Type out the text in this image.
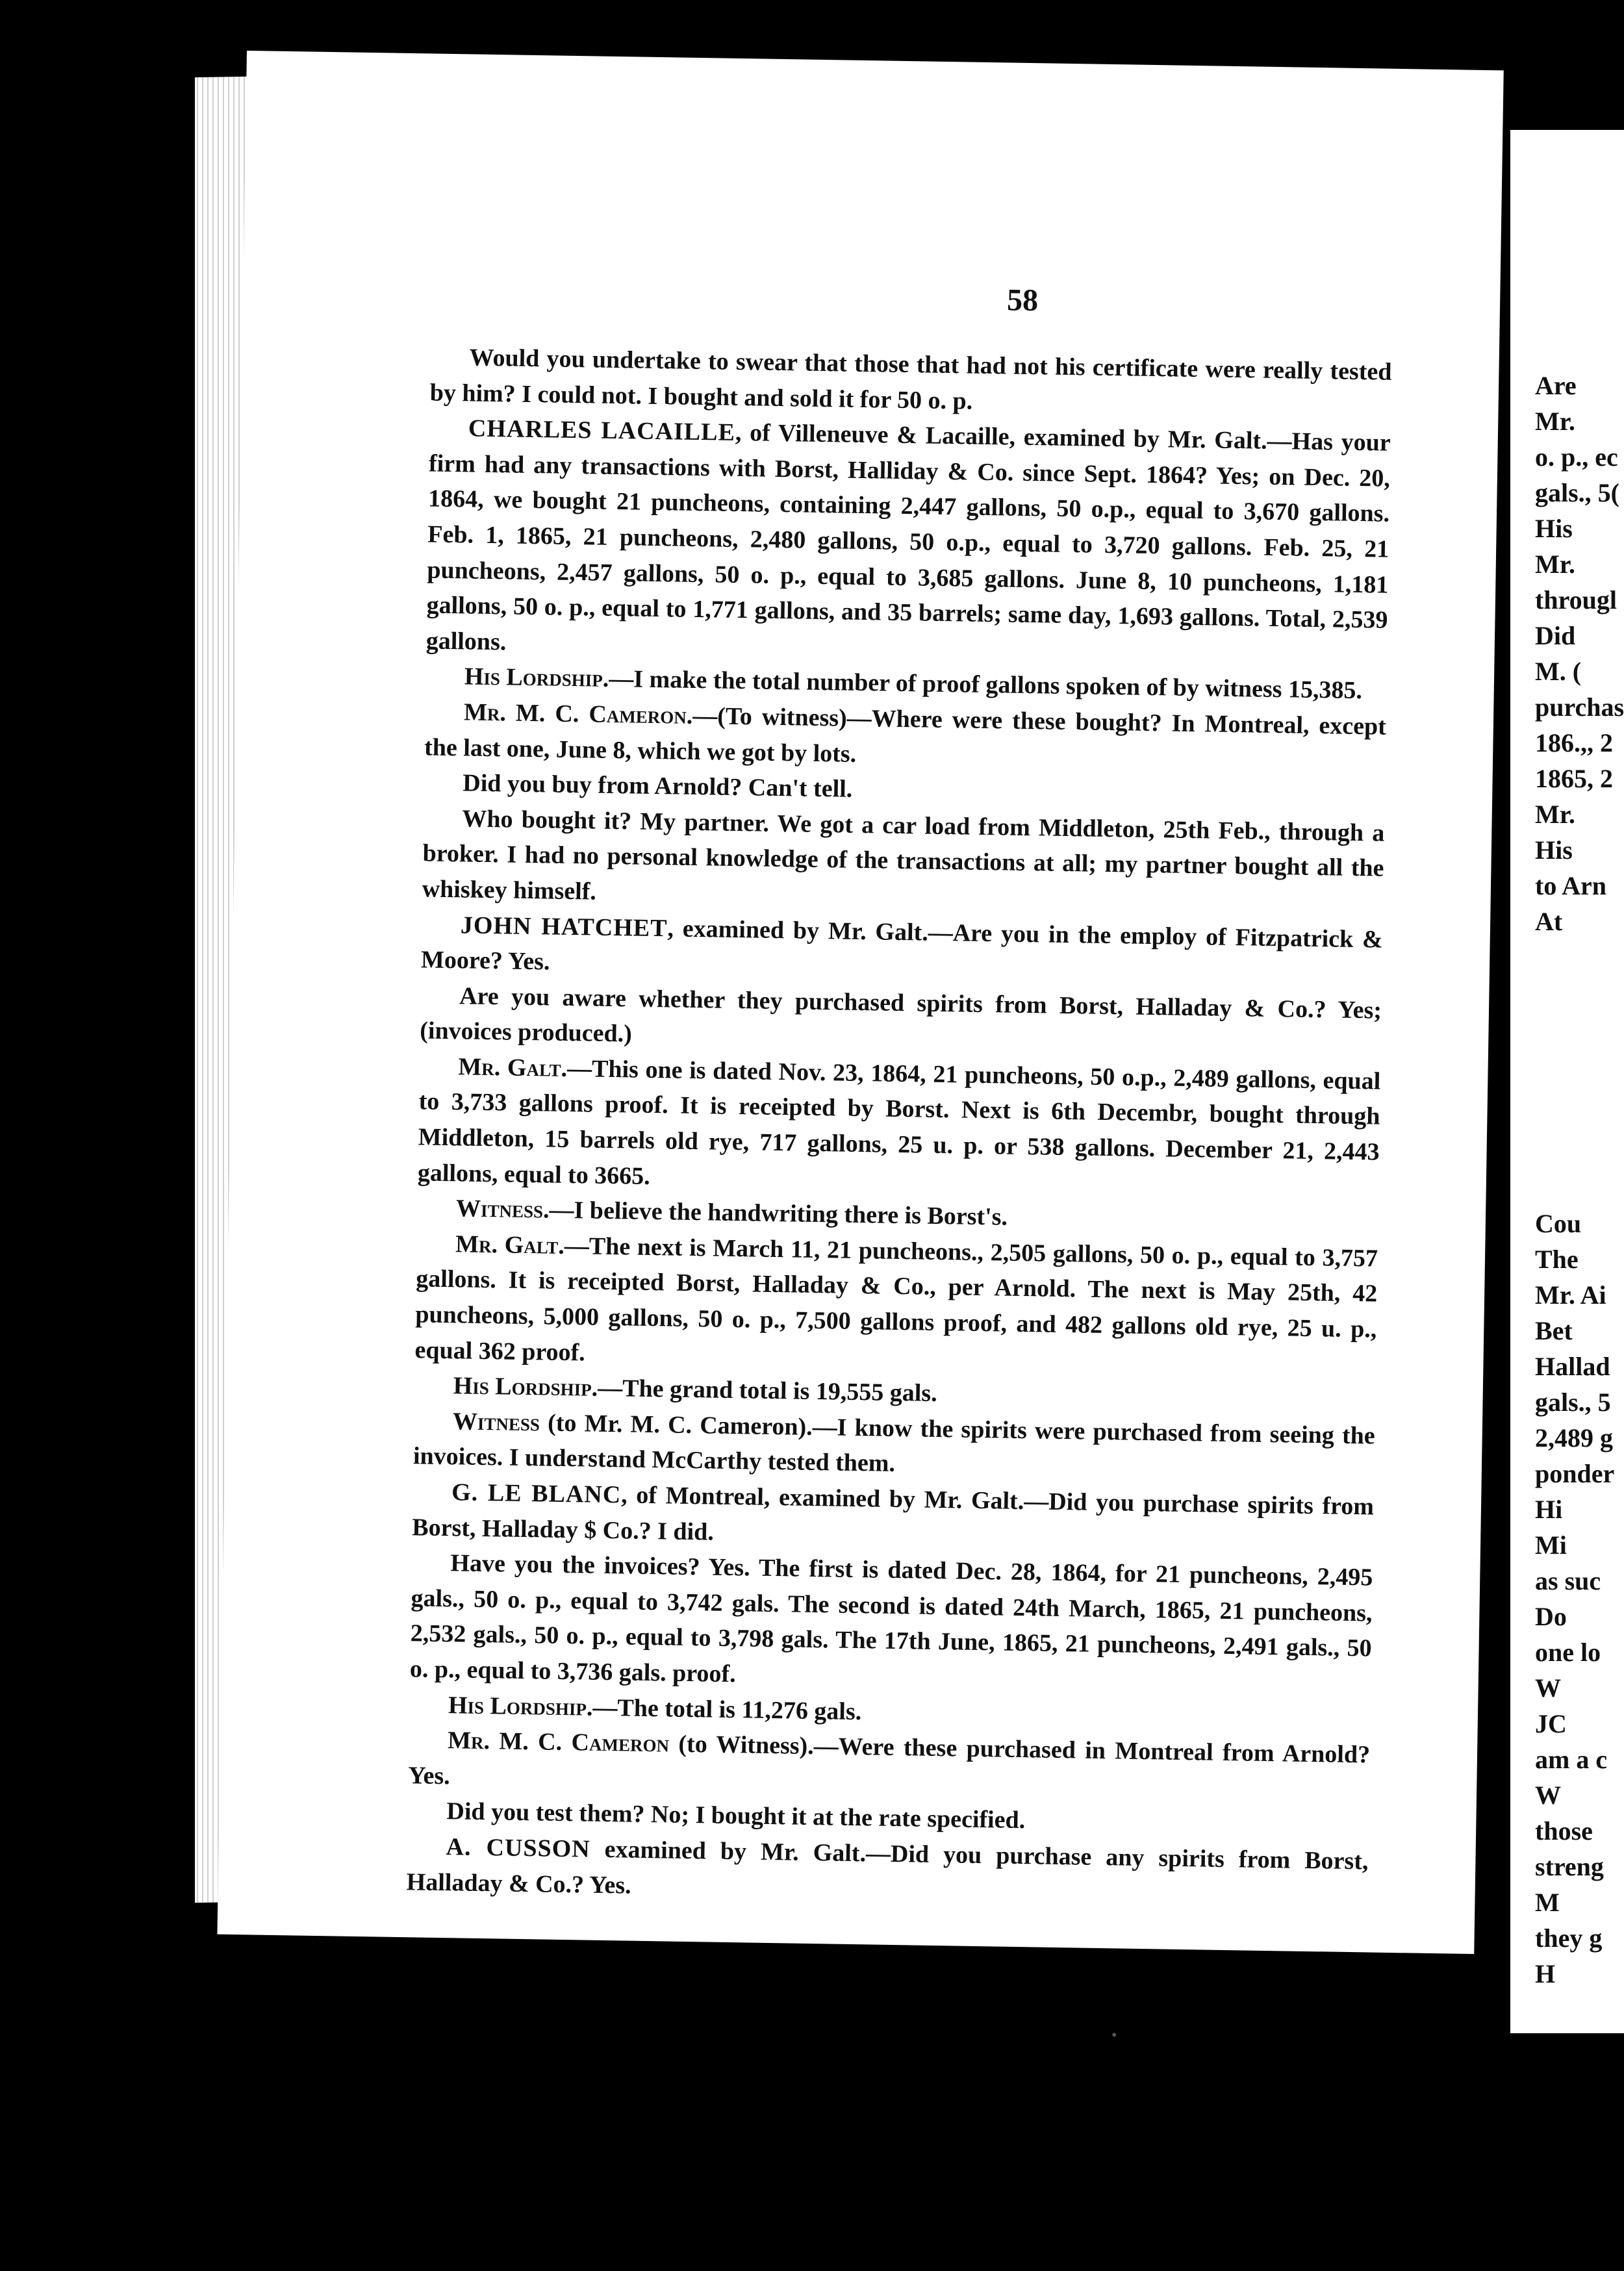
58

Would you undertake to swear that those that had not his certificate were really tested by him? I could not. I bought and sold it for 50 o. p.

CHARLES LACAILLE, of Villeneuve & Lacaille, examined by Mr. Galt.—Has your firm had any transactions with Borst, Halliday & Co. since Sept. 1864? Yes; on Dec. 20, 1864, we bought 21 puncheons, containing 2,447 gallons, 50 o.p., equal to 3,670 gallons. Feb. 1, 1865, 21 puncheons, 2,480 gallons, 50 o.p., equal to 3,720 gallons. Feb. 25, 21 puncheons, 2,457 gallons, 50 o. p., equal to 3,685 gallons. June 8, 10 puncheons, 1,181 gallons, 50 o. p., equal to 1,771 gallons, and 35 barrels; same day, 1,693 gallons. Total, 2,539 gallons.

His Lordship.—I make the total number of proof gallons spoken of by witness 15,385.

Mr. M. C. Cameron.—(To witness)—Where were these bought? In Montreal, except the last one, June 8, which we got by lots.

Did you buy from Arnold? Can't tell.

Who bought it? My partner. We got a car load from Middleton, 25th Feb., through a broker. I had no personal knowledge of the transactions at all; my partner bought all the whiskey himself.

JOHN HATCHET, examined by Mr. Galt.—Are you in the employ of Fitzpatrick & Moore? Yes.

Are you aware whether they purchased spirits from Borst, Halladay & Co.? Yes; (invoices produced.)

Mr. Galt.—This one is dated Nov. 23, 1864, 21 puncheons, 50 o.p., 2,489 gallons, equal to 3,733 gallons proof. It is receipted by Borst. Next is 6th Decembr, bought through Middleton, 15 barrels old rye, 717 gallons, 25 u. p. or 538 gallons. December 21, 2,443 gallons, equal to 3665.

Witness.—I believe the handwriting there is Borst's.

Mr. Galt.—The next is March 11, 21 puncheons., 2,505 gallons, 50 o. p., equal to 3,757 gallons. It is receipted Borst, Halladay & Co., per Arnold. The next is May 25th, 42 puncheons, 5,000 gallons, 50 o. p., 7,500 gallons proof, and 482 gallons old rye, 25 u. p., equal 362 proof.

His Lordship.—The grand total is 19,555 gals.

Witness (to Mr. M. C. Cameron).—I know the spirits were purchased from seeing the invoices. I understand McCarthy tested them.

G. LE BLANC, of Montreal, examined by Mr. Galt.—Did you purchase spirits from Borst, Halladay $ Co.? I did.

Have you the invoices? Yes. The first is dated Dec. 28, 1864, for 21 puncheons, 2,495 gals., 50 o. p., equal to 3,742 gals. The second is dated 24th March, 1865, 21 puncheons, 2,532 gals., 50 o. p., equal to 3,798 gals. The 17th June, 1865, 21 puncheons, 2,491 gals., 50 o. p., equal to 3,736 gals. proof.

His Lordship.—The total is 11,276 gals.

Mr. M. C. Cameron (to Witness).—Were these purchased in Montreal from Arnold? Yes.

Did you test them? No; I bought it at the rate specified.

A. CUSSON examined by Mr. Galt.—Did you purchase any spirits from Borst, Halladay & Co.? Yes.

Are
Mr.
o. p., ec
gals., 5(
His
Mr.
througl
Did
M. (
purchas
186.,, 2
1865, 2
Mr.
His
to Arn
At
Cou
The
Mr. Ai
Bet
Hallad
gals., 5
2,489 g
ponder
Hi
Mi
as suc
Do
one lo
W
JC
am a c
W
those
streng
M
they g
H
